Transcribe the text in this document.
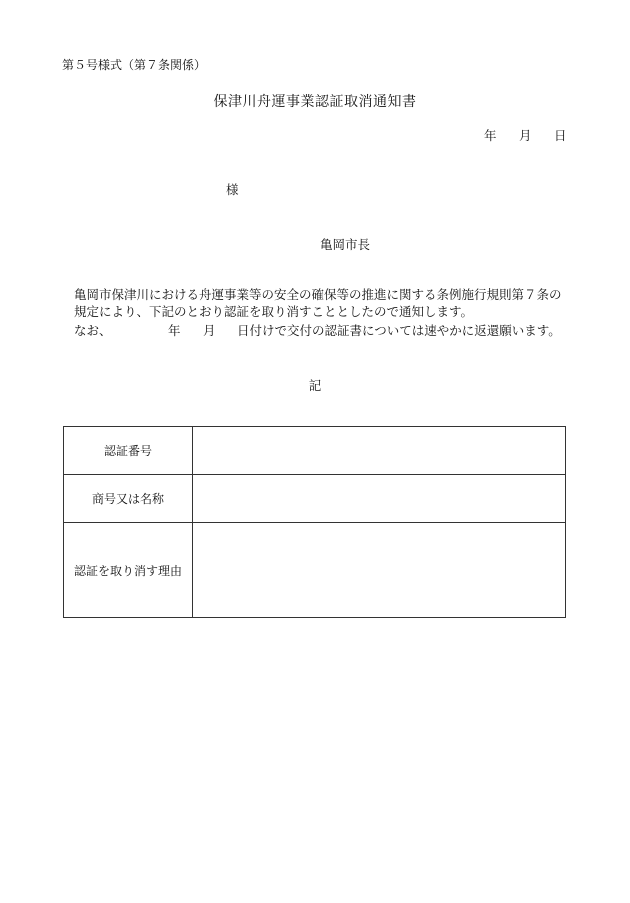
第５号様式（第７条関係）
保津川舟運事業認証取消通知書
年 月 日
様
亀岡市長

亀岡市保津川における舟運事業等の安全の確保等の推進に関する条例施行規則第７条の規定により、下記のとおり認証を取り消すこととしたので通知します。

なお、	年 月 日付けで交付の認証書については速やかに返還願います。
記
認証番号	
商号又は名称	
認証を取り消す理由	
